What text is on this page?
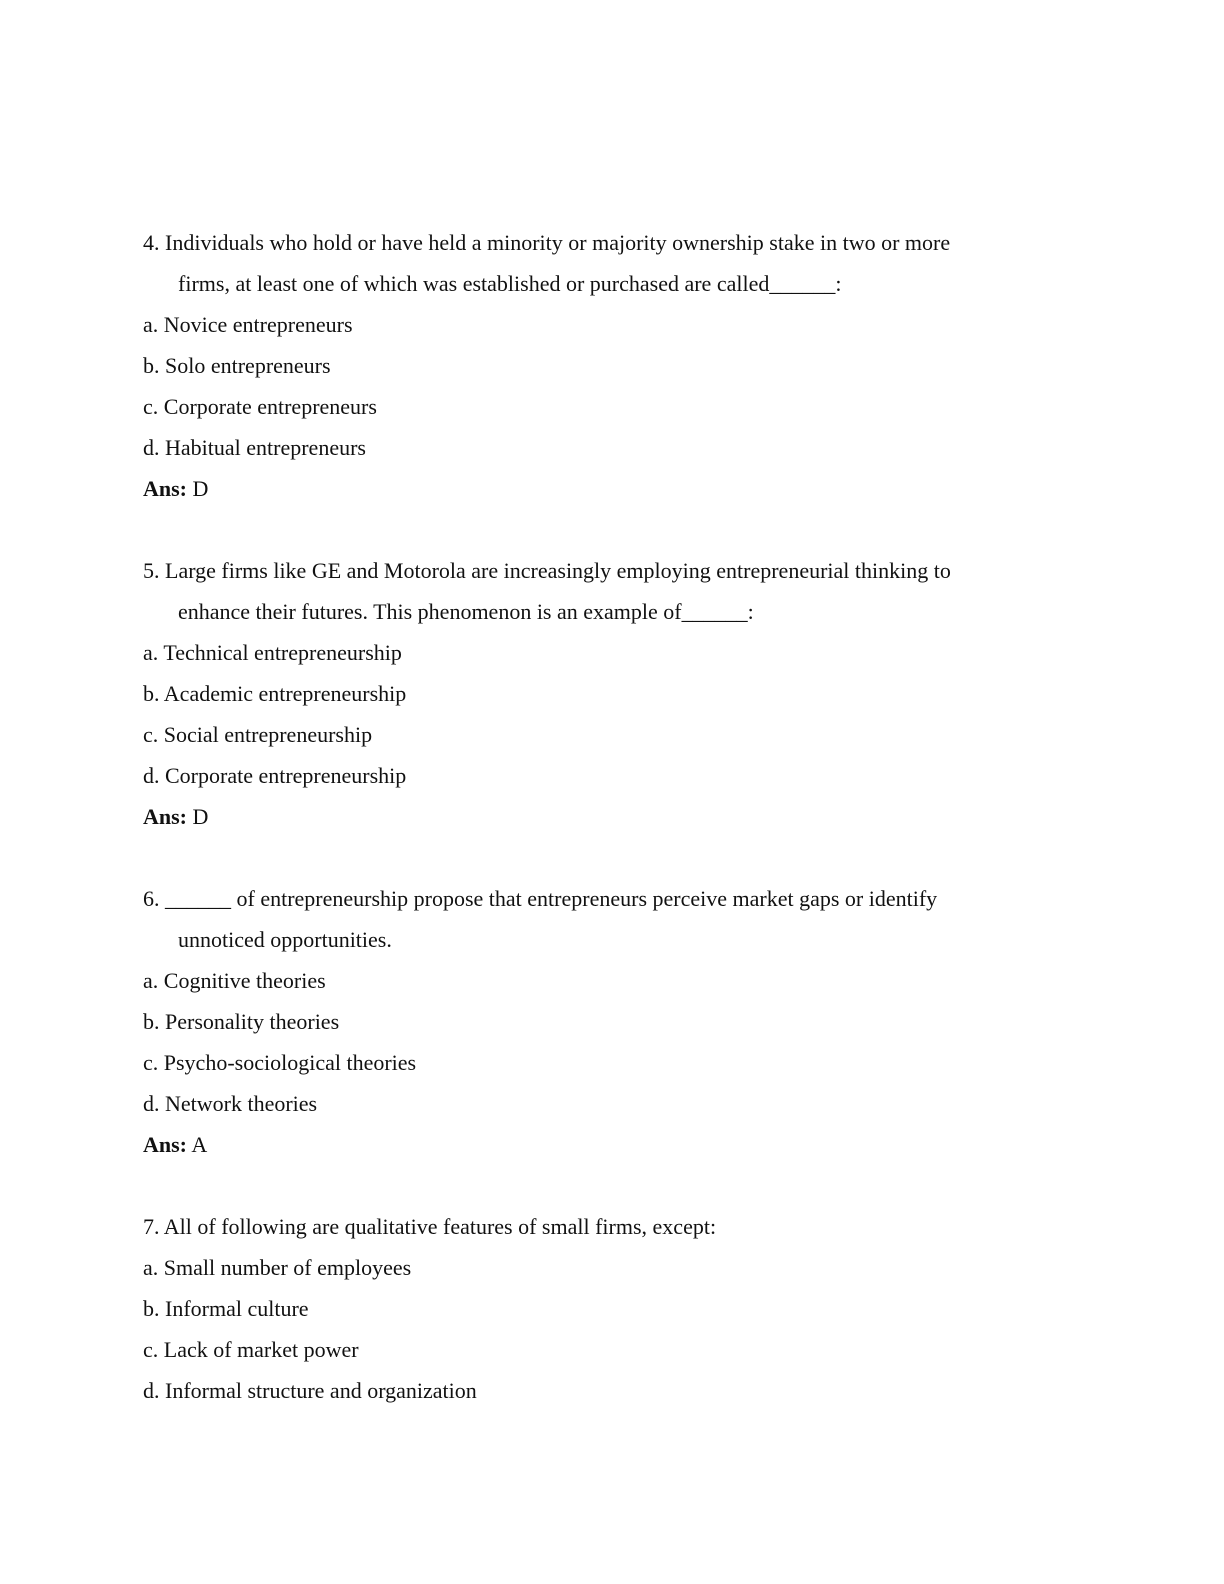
4. Individuals who hold or have held a minority or majority ownership stake in two or more
firms, at least one of which was established or purchased are called______:
a. Novice entrepreneurs
b. Solo entrepreneurs
c. Corporate entrepreneurs
d. Habitual entrepreneurs
Ans: D
5. Large firms like GE and Motorola are increasingly employing entrepreneurial thinking to
enhance their futures. This phenomenon is an example of______:
a. Technical entrepreneurship
b. Academic entrepreneurship
c. Social entrepreneurship
d. Corporate entrepreneurship
Ans: D
6. ______ of entrepreneurship propose that entrepreneurs perceive market gaps or identify
unnoticed opportunities.
a. Cognitive theories
b. Personality theories
c. Psycho-sociological theories
d. Network theories
Ans: A
7. All of following are qualitative features of small firms, except:
a. Small number of employees
b. Informal culture
c. Lack of market power
d. Informal structure and organization
